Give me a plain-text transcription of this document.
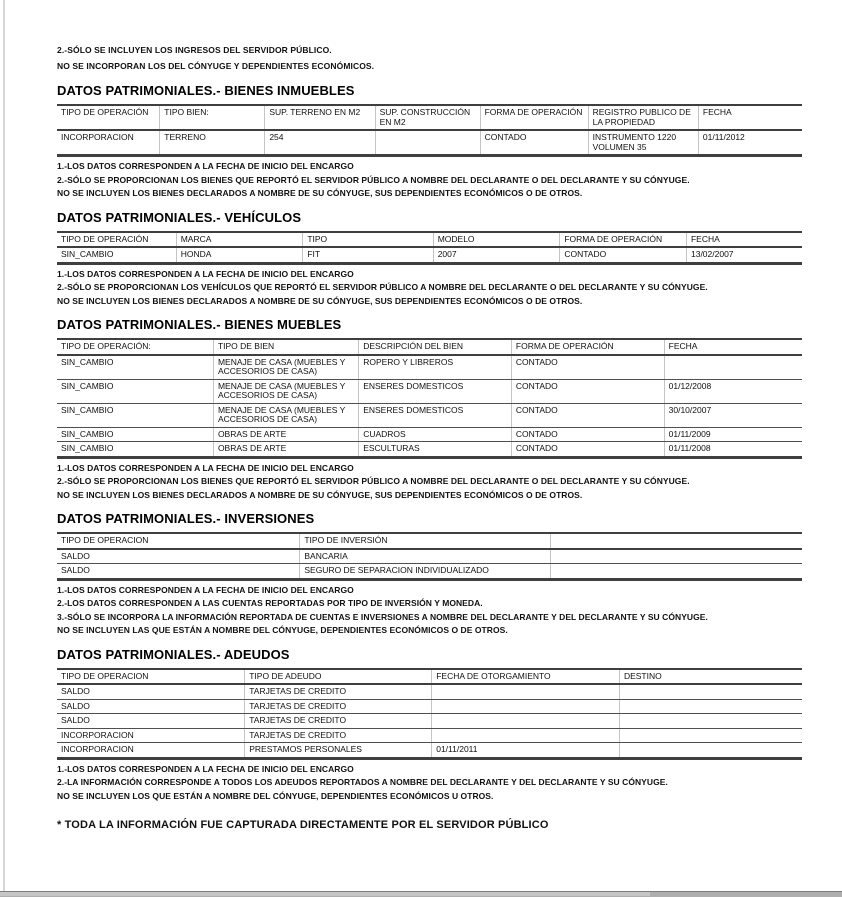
2.-SÓLO SE INCLUYEN LOS INGRESOS DEL SERVIDOR PÚBLICO.

NO SE INCORPORAN LOS DEL CÓNYUGE Y DEPENDIENTES ECONÓMICOS.

DATOS PATRIMONIALES.- BIENES INMUEBLES
TIPO DE OPERACIÓN	TIPO BIEN:	SUP. TERRENO EN M2	SUP. CONSTRUCCIÓN EN M2	FORMA DE OPERACIÓN	REGISTRO PUBLICO DE LA PROPIEDAD	FECHA
INCORPORACION	TERRENO	254		CONTADO	INSTRUMENTO 1220 VOLUMEN 35	01/11/2012

1.-LOS DATOS CORRESPONDEN A LA FECHA DE INICIO DEL ENCARGO

2.-SÓLO SE PROPORCIONAN LOS BIENES QUE REPORTÓ EL SERVIDOR PÚBLICO A NOMBRE DEL DECLARANTE O DEL DECLARANTE Y SU CÓNYUGE.

NO SE INCLUYEN LOS BIENES DECLARADOS A NOMBRE DE SU CÓNYUGE, SUS DEPENDIENTES ECONÓMICOS O DE OTROS.

DATOS PATRIMONIALES.- VEHÍCULOS
TIPO DE OPERACIÓN	MARCA	TIPO	MODELO	FORMA DE OPERACIÓN	FECHA
SIN_CAMBIO	HONDA	FIT	2007	CONTADO	13/02/2007

1.-LOS DATOS CORRESPONDEN A LA FECHA DE INICIO DEL ENCARGO

2.-SÓLO SE PROPORCIONAN LOS VEHÍCULOS QUE REPORTÓ EL SERVIDOR PÚBLICO A NOMBRE DEL DECLARANTE O DEL DECLARANTE Y SU CÓNYUGE.

NO SE INCLUYEN LOS BIENES DECLARADOS A NOMBRE DE SU CÓNYUGE, SUS DEPENDIENTES ECONÓMICOS O DE OTROS.

DATOS PATRIMONIALES.- BIENES MUEBLES
TIPO DE OPERACIÓN:	TIPO DE BIEN	DESCRIPCIÓN DEL BIEN	FORMA DE OPERACIÓN	FECHA
SIN_CAMBIO	MENAJE DE CASA (MUEBLES Y ACCESORIOS DE CASA)	ROPERO Y LIBREROS	CONTADO	
SIN_CAMBIO	MENAJE DE CASA (MUEBLES Y ACCESORIOS DE CASA)	ENSERES DOMESTICOS	CONTADO	01/12/2008
SIN_CAMBIO	MENAJE DE CASA (MUEBLES Y ACCESORIOS DE CASA)	ENSERES DOMESTICOS	CONTADO	30/10/2007
SIN_CAMBIO	OBRAS DE ARTE	CUADROS	CONTADO	01/11/2009
SIN_CAMBIO	OBRAS DE ARTE	ESCULTURAS	CONTADO	01/11/2008

1.-LOS DATOS CORRESPONDEN A LA FECHA DE INICIO DEL ENCARGO

2.-SÓLO SE PROPORCIONAN LOS BIENES QUE REPORTÓ EL SERVIDOR PÚBLICO A NOMBRE DEL DECLARANTE O DEL DECLARANTE Y SU CÓNYUGE.

NO SE INCLUYEN LOS BIENES DECLARADOS A NOMBRE DE SU CÓNYUGE, SUS DEPENDIENTES ECONÓMICOS O DE OTROS.

DATOS PATRIMONIALES.- INVERSIONES
TIPO DE OPERACION	TIPO DE INVERSIÓN	
SALDO	BANCARIA	
SALDO	SEGURO DE SEPARACION INDIVIDUALIZADO	

1.-LOS DATOS CORRESPONDEN A LA FECHA DE INICIO DEL ENCARGO

2.-LOS DATOS CORRESPONDEN A LAS CUENTAS REPORTADAS POR TIPO DE INVERSIÓN Y MONEDA.

3.-SÓLO SE INCORPORA LA INFORMACIÓN REPORTADA DE CUENTAS E INVERSIONES A NOMBRE DEL DECLARANTE Y DEL DECLARANTE Y SU CÓNYUGE.

NO SE INCLUYEN LAS QUE ESTÁN A NOMBRE DEL CÓNYUGE, DEPENDIENTES ECONÓMICOS O DE OTROS.

DATOS PATRIMONIALES.- ADEUDOS
TIPO DE OPERACION	TIPO DE ADEUDO	FECHA DE OTORGAMIENTO	DESTINO
SALDO	TARJETAS DE CREDITO		
SALDO	TARJETAS DE CREDITO		
SALDO	TARJETAS DE CREDITO		
INCORPORACION	TARJETAS DE CREDITO		
INCORPORACION	PRESTAMOS PERSONALES	01/11/2011	

1.-LOS DATOS CORRESPONDEN A LA FECHA DE INICIO DEL ENCARGO

2.-LA INFORMACIÓN CORRESPONDE A TODOS LOS ADEUDOS REPORTADOS A NOMBRE DEL DECLARANTE Y DEL DECLARANTE Y SU CÓNYUGE.

NO SE INCLUYEN LOS QUE ESTÁN A NOMBRE DEL CÓNYUGE, DEPENDIENTES ECONÓMICOS U OTROS.

* TODA LA INFORMACIÓN FUE CAPTURADA DIRECTAMENTE POR EL SERVIDOR PÚBLICO
